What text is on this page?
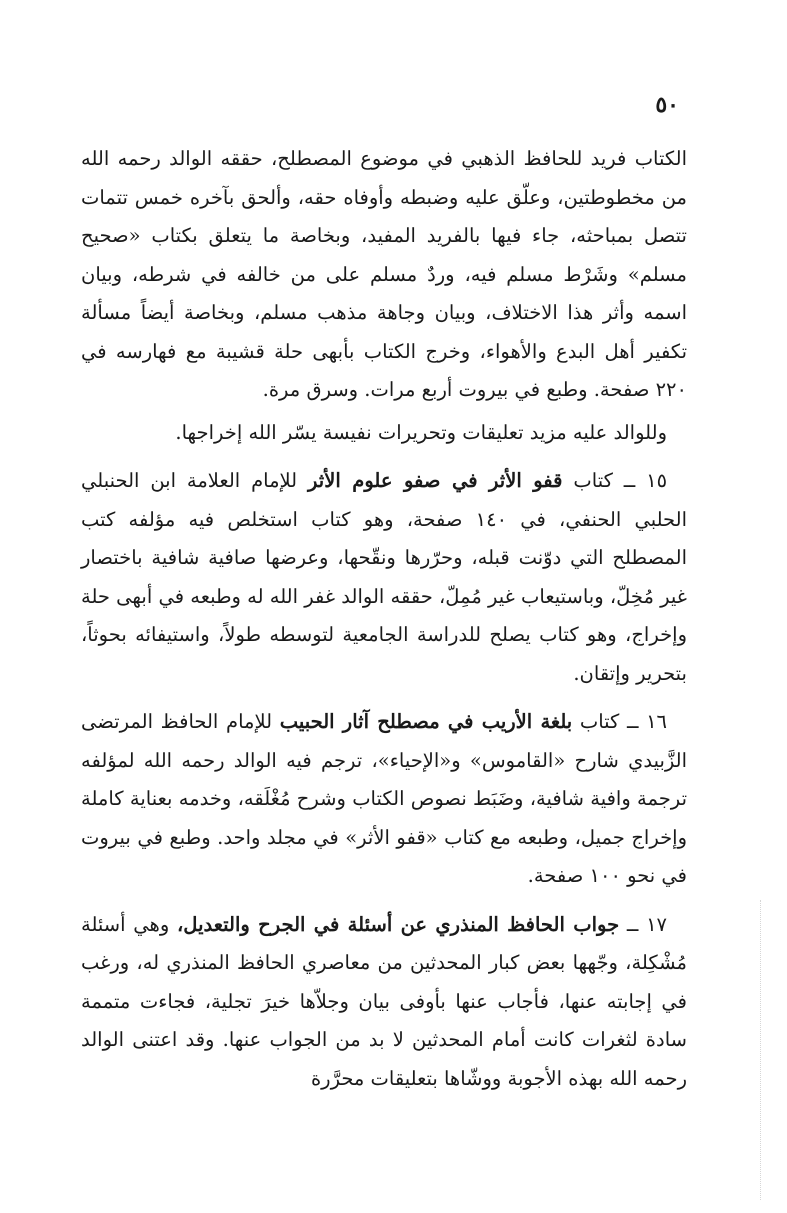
٥٠

الكتاب فريد للحافظ الذهبي في موضوع المصطلح، حققه الوالد رحمه الله من مخطوطتين، وعلّق عليه وضبطه وأوفاه حقه، وألحق بآخره خمس تتمات تتصل بمباحثه، جاء فيها بالفريد المفيد، وبخاصة ما يتعلق بكتاب «صحيح مسلم» وشَرْط مسلم فيه، وردٌ مسلم على من خالفه في شرطه، وبيان اسمه وأثر هذا الاختلاف، وبيان وجاهة مذهب مسلم، وبخاصة أيضاً مسألة تكفير أهل البدع والأهواء، وخرج الكتاب بأبهى حلة قشيبة مع فهارسه في ٢٢٠ صفحة. وطبع في بيروت أربع مرات. وسرق مرة.

وللوالد عليه مزيد تعليقات وتحريرات نفيسة يسّر الله إخراجها.

١٥ ــ كتاب قفو الأثر في صفو علوم الأثر للإمام العلامة ابن الحنبلي الحلبي الحنفي، في ١٤٠ صفحة، وهو كتاب استخلص فيه مؤلفه كتب المصطلح التي دوّنت قبله، وحرّرها ونقّحها، وعرضها صافية شافية باختصار غير مُخِلّ، وباستيعاب غير مُمِلّ، حققه الوالد غفر الله له وطبعه في أبهى حلة وإخراج، وهو كتاب يصلح للدراسة الجامعية لتوسطه طولاً، واستيفائه بحوثاً، بتحرير وإتقان.

١٦ ــ كتاب بلغة الأريب في مصطلح آثار الحبيب للإمام الحافظ المرتضى الزَّبيدي شارح «القاموس» و«الإحياء»، ترجم فيه الوالد رحمه الله لمؤلفه ترجمة وافية شافية، وضَبَط نصوص الكتاب وشرح مُغْلَقه، وخدمه بعناية كاملة وإخراج جميل، وطبعه مع كتاب «قفو الأثر» في مجلد واحد. وطبع في بيروت في نحو ١٠٠ صفحة.

١٧ ــ جواب الحافظ المنذري عن أسئلة في الجرح والتعديل، وهي أسئلة مُشْكِلة، وجّهها بعض كبار المحدثين من معاصري الحافظ المنذري له، ورغب في إجابته عنها، فأجاب عنها بأوفى بيان وجلاّها خيرَ تجلية، فجاءت متممة سادة لثغرات كانت أمام المحدثين لا بد من الجواب عنها. وقد اعتنى الوالد رحمه الله بهذه الأجوبة ووشّاها بتعليقات محرَّرة
